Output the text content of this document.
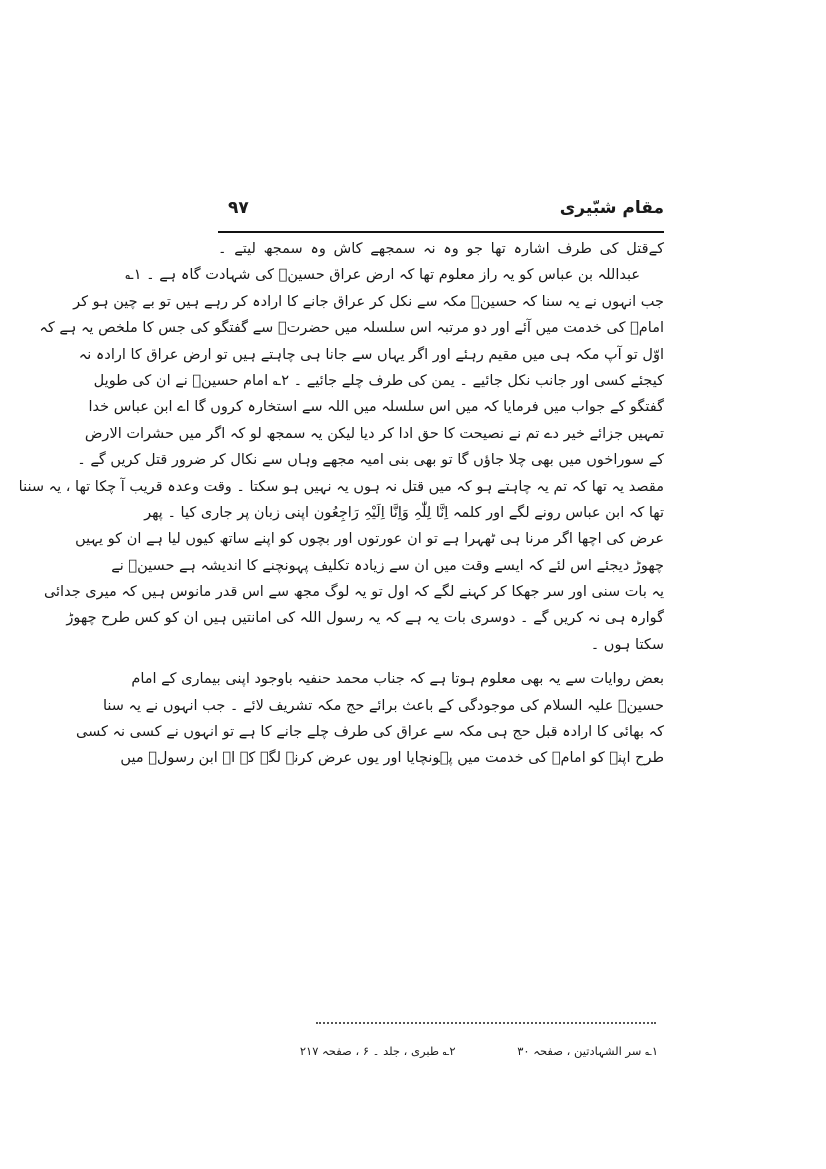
مقام شبّیری
۹۷
کےقتل کی طرف اشارہ تھا جو وہ نہ سمجھے کاش وہ سمجھ لیتے ۔
عبداللہ بن عباس کو یہ راز معلوم تھا کہ ارض عراق حسینؑ کی شہادت گاہ ہے ۔ ۱؎
جب انہوں نے یہ سنا کہ حسینؑ مکہ سے نکل کر عراق جانے کا ارادہ کر رہے ہیں تو بے چین ہو کر
امامؑ کی خدمت میں آئے اور دو مرتبہ اس سلسلہ میں حضرتؑ سے گفتگو کی جس کا ملخص یہ ہے کہ
اوّل تو آپ مکہ ہی میں مقیم رہئے اور اگر یہاں سے جانا ہی چاہتے ہیں تو ارض عراق کا ارادہ نہ
کیجئے کسی اور جانب نکل جائیے ۔ یمن کی طرف چلے جائیے ۔ ۲؎ امام حسینؑ نے ان کی طویل
گفتگو کے جواب میں فرمایا کہ میں اس سلسلہ میں اللہ سے استخارہ کروں گا اے ابن عباس خدا
تمہیں جزائے خیر دے تم نے نصیحت کا حق ادا کر دیا لیکن یہ سمجھ لو کہ اگر میں حشرات الارض
کے سوراخوں میں بھی چلا جاؤں گا تو بھی بنی امیہ مجھے وہاں سے نکال کر ضرور قتل کریں گے ۔
مقصد یہ تھا کہ تم یہ چاہتے ہو کہ میں قتل نہ ہوں یہ نہیں ہو سکتا ۔ وقت وعدہ قریب آ چکا تھا ، یہ سننا
تھا کہ ابن عباس رونے لگے اور کلمہ اِنَّا لِلّٰہِ وَاِنَّا اِلَیْہِ رَاجِعُون اپنی زبان پر جاری کیا ۔ پھر
عرض کی اچھا اگر مرنا ہی ٹھہرا ہے تو ان عورتوں اور بچوں کو اپنے ساتھ کیوں لیا ہے ان کو یہیں
چھوڑ دیجئے اس لئے کہ ایسے وقت میں ان سے زیادہ تکلیف پہونچنے کا اندیشہ ہے حسینؑ نے
یہ بات سنی اور سر جھکا کر کہنے لگے کہ اول تو یہ لوگ مجھ سے اس قدر مانوس ہیں کہ میری جدائی
گوارہ ہی نہ کریں گے ۔ دوسری بات یہ ہے کہ یہ رسول اللہ کی امانتیں ہیں ان کو کس طرح چھوڑ
سکتا ہوں ۔
بعض روایات سے یہ بھی معلوم ہوتا ہے کہ جناب محمد حنفیہ باوجود اپنی بیماری کے امام
حسینؑ علیہ السلام کی موجودگی کے باعث برائے حج مکہ تشریف لائے ۔ جب انہوں نے یہ سنا
کہ بھائی کا ارادہ قبل حج ہی مکہ سے عراق کی طرف چلے جانے کا ہے تو انہوں نے کسی نہ کسی
طرح اپنے کو امامؑ کی خدمت میں پہونچایا اور یوں عرض کرنے لگے کہ اے ابن رسولؐ میں
۱؎ سر الشہادتین ، صفحہ ۳۰ ۲؎ طبری ، جلد ۔ ۶ ، صفحہ ۲۱۷
